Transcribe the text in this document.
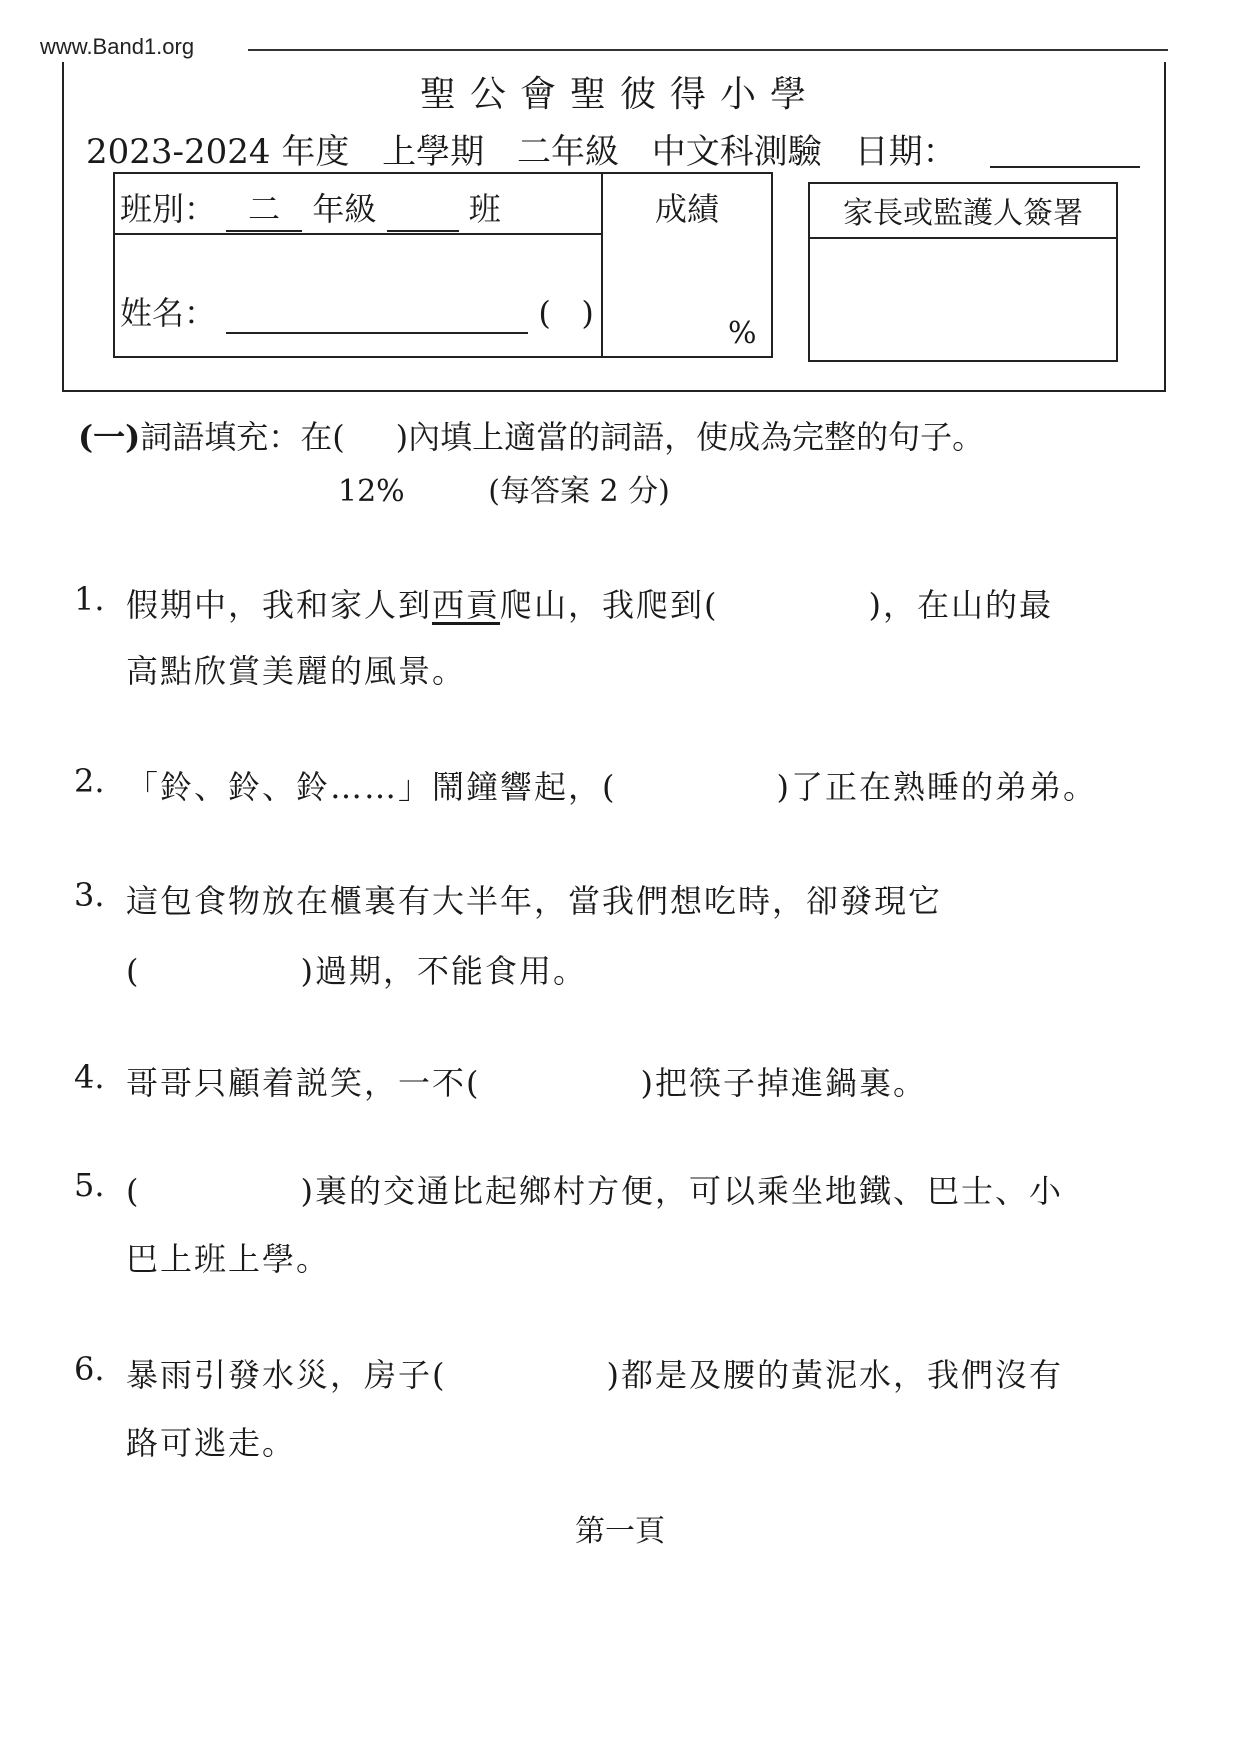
www.Band1.org
聖公會聖彼得小學
2023-2024 年度 上學期 二年級 中文科測驗 日期：
班別： 二 年級	班
姓名：	(   )
成績
%
家長或監護人簽署
(一)詞語填充：在(     )內填上適當的詞語，使成為完整的句子。
12%	(每答案 2 分)
1. 假期中，我和家人到西貢爬山，我爬到(	)，在山的最
高點欣賞美麗的風景。
2. 「鈴、鈴、鈴……」鬧鐘響起，(	)了正在熟睡的弟弟。
3. 這包食物放在櫃裏有大半年，當我們想吃時，卻發現它
(	)過期，不能食用。
4. 哥哥只顧着説笑，一不(	)把筷子掉進鍋裏。
5. (	)裏的交通比起鄉村方便，可以乘坐地鐵、巴士、小
巴上班上學。
6. 暴雨引發水災，房子(	)都是及腰的黃泥水，我們沒有
路可逃走。
第一頁
